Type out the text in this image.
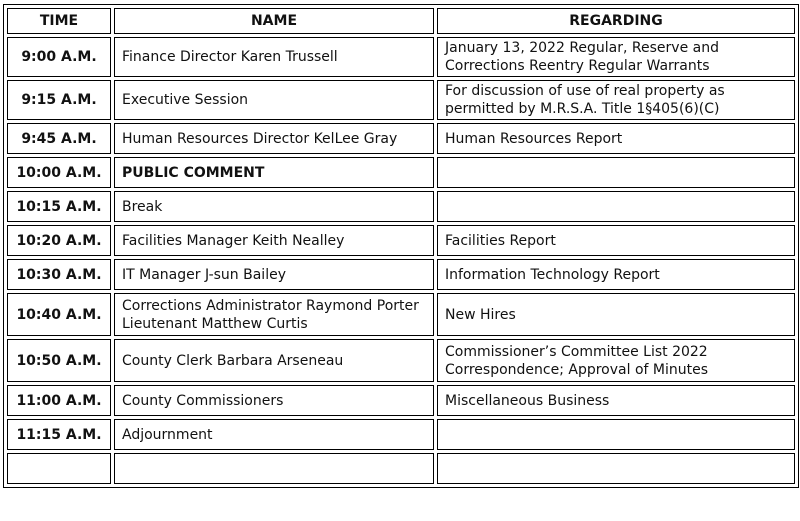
TIME	NAME	REGARDING
9:00 A.M.	Finance Director Karen Trussell	January 13, 2022 Regular, Reserve and
Corrections Reentry Regular Warrants

9:15 A.M.	Executive Session	For discussion of use of real property as
permitted by M.R.S.A. Title 1§405(6)(C)

9:45 A.M.	Human Resources Director KelLee Gray	Human Resources Report
10:00 A.M.	PUBLIC COMMENT	
10:15 A.M.	Break	
10:20 A.M.	Facilities Manager Keith Nealley	Facilities Report
10:30 A.M.	IT Manager J-sun Bailey	Information Technology Report
10:40 A.M.	Corrections Administrator Raymond Porter
Lieutenant Matthew Curtis	New Hires
10:50 A.M.	County Clerk Barbara Arseneau	Commissioner’s Committee List 2022
Correspondence; Approval of Minutes

11:00 A.M.	County Commissioners	Miscellaneous Business
11:15 A.M.	Adjournment	
